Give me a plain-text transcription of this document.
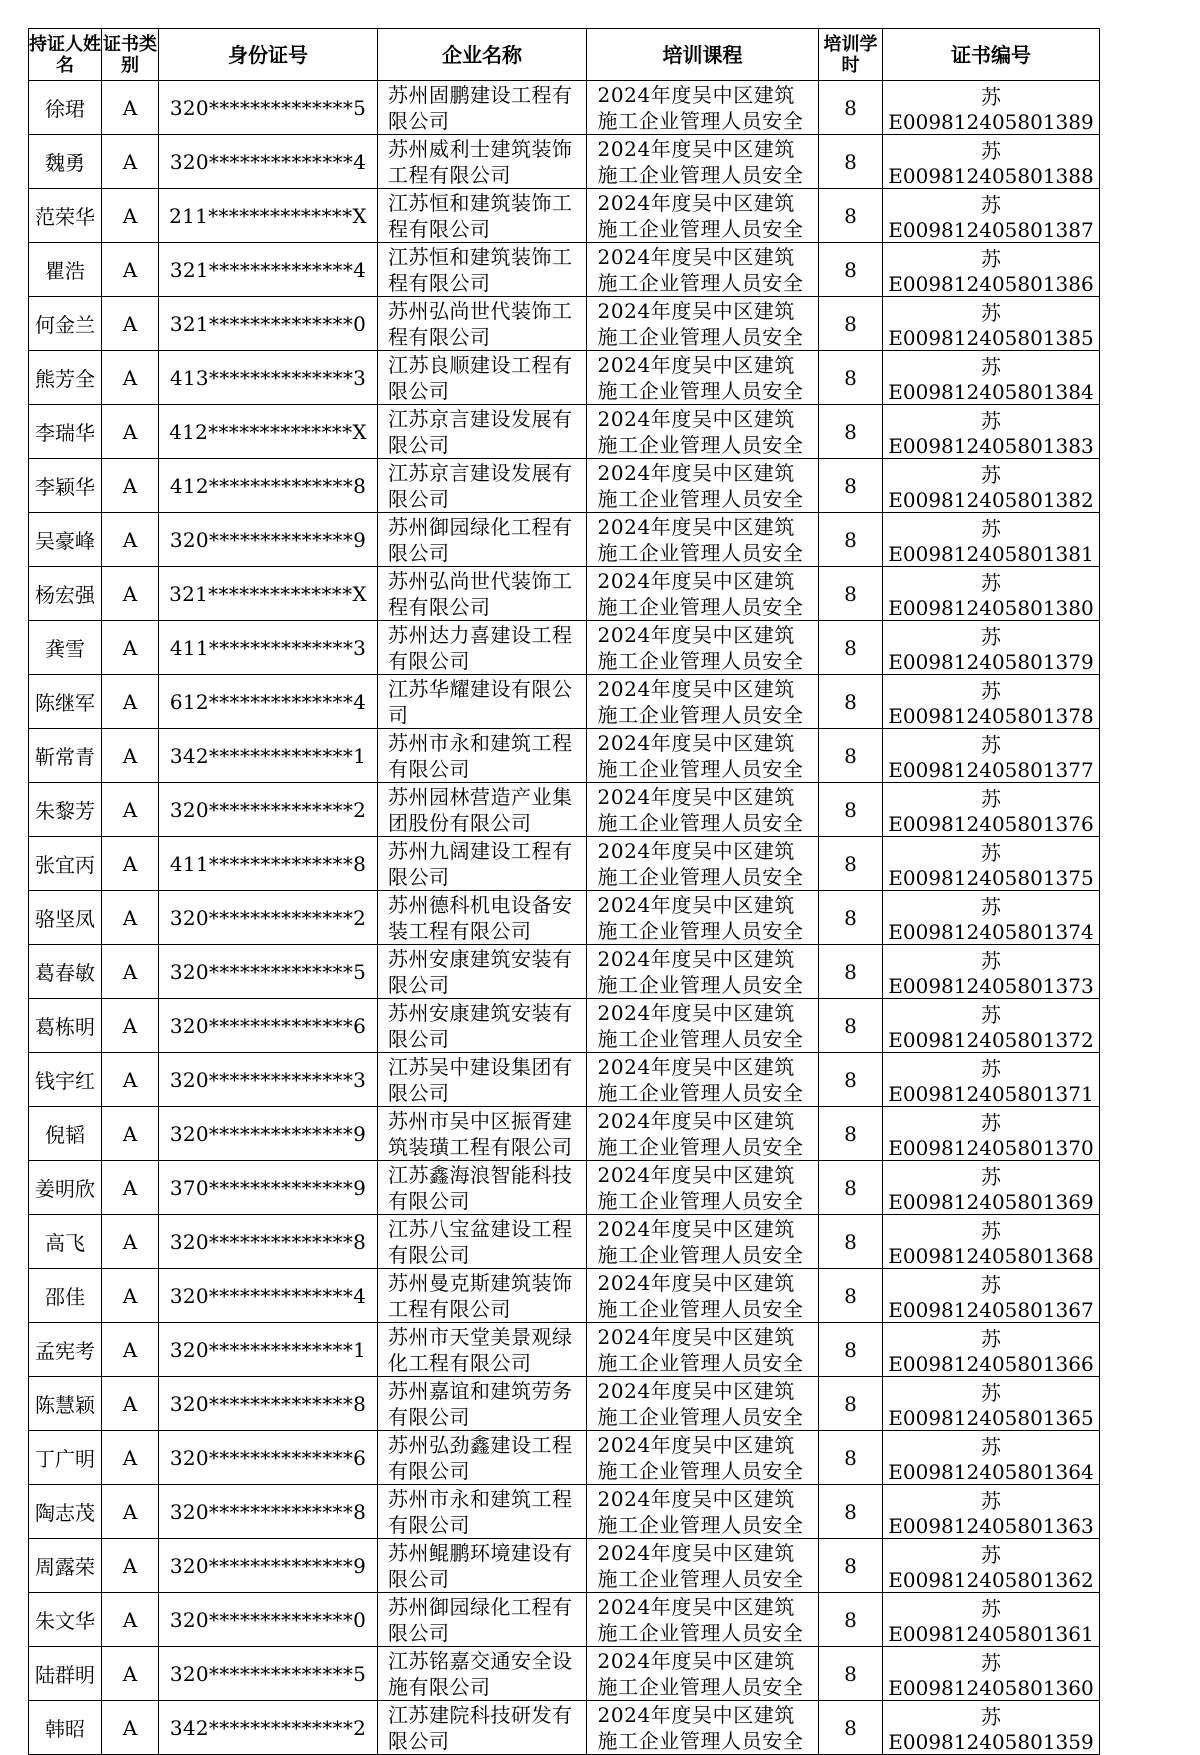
持证人姓名	证书类别	身份证号	企业名称	培训课程	培训学时	证书编号
徐珺	A	320**************5	苏州固鹏建设工程有限公司	2024年度吴中区建筑施工企业管理人员安全	8	苏E009812405801389
魏勇	A	320**************4	苏州威利士建筑装饰工程有限公司	2024年度吴中区建筑施工企业管理人员安全	8	苏E009812405801388
范荣华	A	211**************X	江苏恒和建筑装饰工程有限公司	2024年度吴中区建筑施工企业管理人员安全	8	苏E009812405801387
瞿浩	A	321**************4	江苏恒和建筑装饰工程有限公司	2024年度吴中区建筑施工企业管理人员安全	8	苏E009812405801386
何金兰	A	321**************0	苏州弘尚世代装饰工程有限公司	2024年度吴中区建筑施工企业管理人员安全	8	苏E009812405801385
熊芳全	A	413**************3	江苏良顺建设工程有限公司	2024年度吴中区建筑施工企业管理人员安全	8	苏E009812405801384
李瑞华	A	412**************X	江苏京言建设发展有限公司	2024年度吴中区建筑施工企业管理人员安全	8	苏E009812405801383
李颖华	A	412**************8	江苏京言建设发展有限公司	2024年度吴中区建筑施工企业管理人员安全	8	苏E009812405801382
吴豪峰	A	320**************9	苏州御园绿化工程有限公司	2024年度吴中区建筑施工企业管理人员安全	8	苏E009812405801381
杨宏强	A	321**************X	苏州弘尚世代装饰工程有限公司	2024年度吴中区建筑施工企业管理人员安全	8	苏E009812405801380
龚雪	A	411**************3	苏州达力喜建设工程有限公司	2024年度吴中区建筑施工企业管理人员安全	8	苏E009812405801379
陈继军	A	612**************4	江苏华耀建设有限公司	2024年度吴中区建筑施工企业管理人员安全	8	苏E009812405801378
靳常青	A	342**************1	苏州市永和建筑工程有限公司	2024年度吴中区建筑施工企业管理人员安全	8	苏E009812405801377
朱黎芳	A	320**************2	苏州园林营造产业集团股份有限公司	2024年度吴中区建筑施工企业管理人员安全	8	苏E009812405801376
张宜丙	A	411**************8	苏州九阔建设工程有限公司	2024年度吴中区建筑施工企业管理人员安全	8	苏E009812405801375
骆坚凤	A	320**************2	苏州德科机电设备安装工程有限公司	2024年度吴中区建筑施工企业管理人员安全	8	苏E009812405801374
葛春敏	A	320**************5	苏州安康建筑安装有限公司	2024年度吴中区建筑施工企业管理人员安全	8	苏E009812405801373
葛栋明	A	320**************6	苏州安康建筑安装有限公司	2024年度吴中区建筑施工企业管理人员安全	8	苏E009812405801372
钱宇红	A	320**************3	江苏吴中建设集团有限公司	2024年度吴中区建筑施工企业管理人员安全	8	苏E009812405801371
倪韬	A	320**************9	苏州市吴中区振胥建筑装璜工程有限公司	2024年度吴中区建筑施工企业管理人员安全	8	苏E009812405801370
姜明欣	A	370**************9	江苏鑫海浪智能科技有限公司	2024年度吴中区建筑施工企业管理人员安全	8	苏E009812405801369
高飞	A	320**************8	江苏八宝盆建设工程有限公司	2024年度吴中区建筑施工企业管理人员安全	8	苏E009812405801368
邵佳	A	320**************4	苏州曼克斯建筑装饰工程有限公司	2024年度吴中区建筑施工企业管理人员安全	8	苏E009812405801367
孟宪考	A	320**************1	苏州市天堂美景观绿化工程有限公司	2024年度吴中区建筑施工企业管理人员安全	8	苏E009812405801366
陈慧颖	A	320**************8	苏州嘉谊和建筑劳务有限公司	2024年度吴中区建筑施工企业管理人员安全	8	苏E009812405801365
丁广明	A	320**************6	苏州弘劲鑫建设工程有限公司	2024年度吴中区建筑施工企业管理人员安全	8	苏E009812405801364
陶志茂	A	320**************8	苏州市永和建筑工程有限公司	2024年度吴中区建筑施工企业管理人员安全	8	苏E009812405801363
周露荣	A	320**************9	苏州鲲鹏环境建设有限公司	2024年度吴中区建筑施工企业管理人员安全	8	苏E009812405801362
朱文华	A	320**************0	苏州御园绿化工程有限公司	2024年度吴中区建筑施工企业管理人员安全	8	苏E009812405801361
陆群明	A	320**************5	江苏铭嘉交通安全设施有限公司	2024年度吴中区建筑施工企业管理人员安全	8	苏E009812405801360
韩昭	A	342**************2	江苏建院科技研发有限公司	2024年度吴中区建筑施工企业管理人员安全	8	苏E009812405801359
